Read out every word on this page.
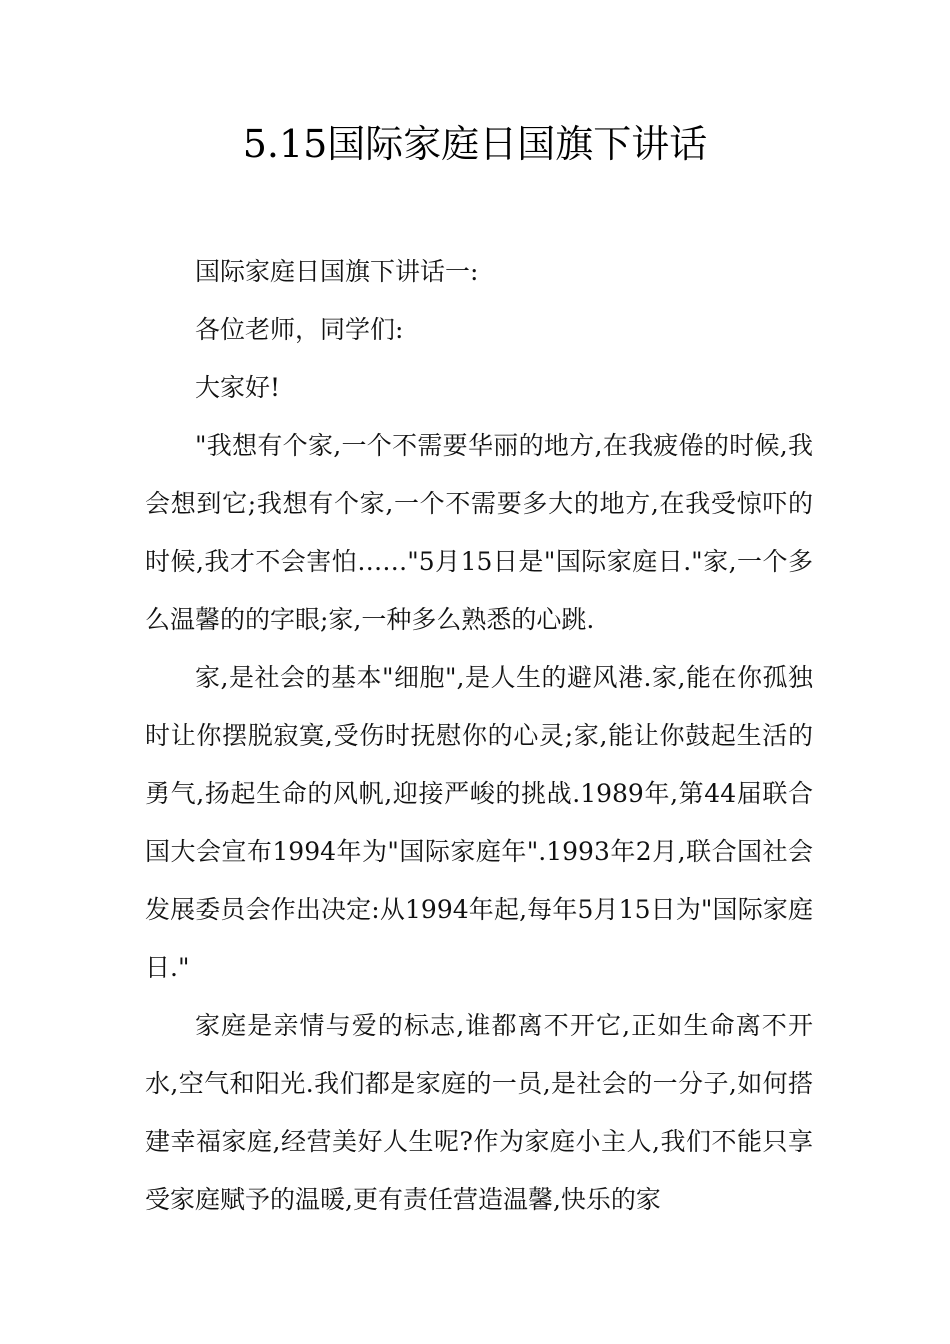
5.15国际家庭日国旗下讲话

国际家庭日国旗下讲话一:

各位老师，同学们:

大家好!

"我想有个家,一个不需要华丽的地方,在我疲倦的时候,我会想到它;我想有个家,一个不需要多大的地方,在我受惊吓的时候,我才不会害怕……"5月15日是"国际家庭日."家,一个多么温馨的的字眼;家,一种多么熟悉的心跳.

家,是社会的基本"细胞",是人生的避风港.家,能在你孤独时让你摆脱寂寞,受伤时抚慰你的心灵;家,能让你鼓起生活的勇气,扬起生命的风帆,迎接严峻的挑战.1989年,第44届联合国大会宣布1994年为"国际家庭年".1993年2月,联合国社会发展委员会作出决定:从1994年起,每年5月15日为"国际家庭日."

家庭是亲情与爱的标志,谁都离不开它,正如生命离不开水,空气和阳光.我们都是家庭的一员,是社会的一分子,如何搭建幸福家庭,经营美好人生呢?作为家庭小主人,我们不能只享受家庭赋予的温暖,更有责任营造温馨,快乐的家
